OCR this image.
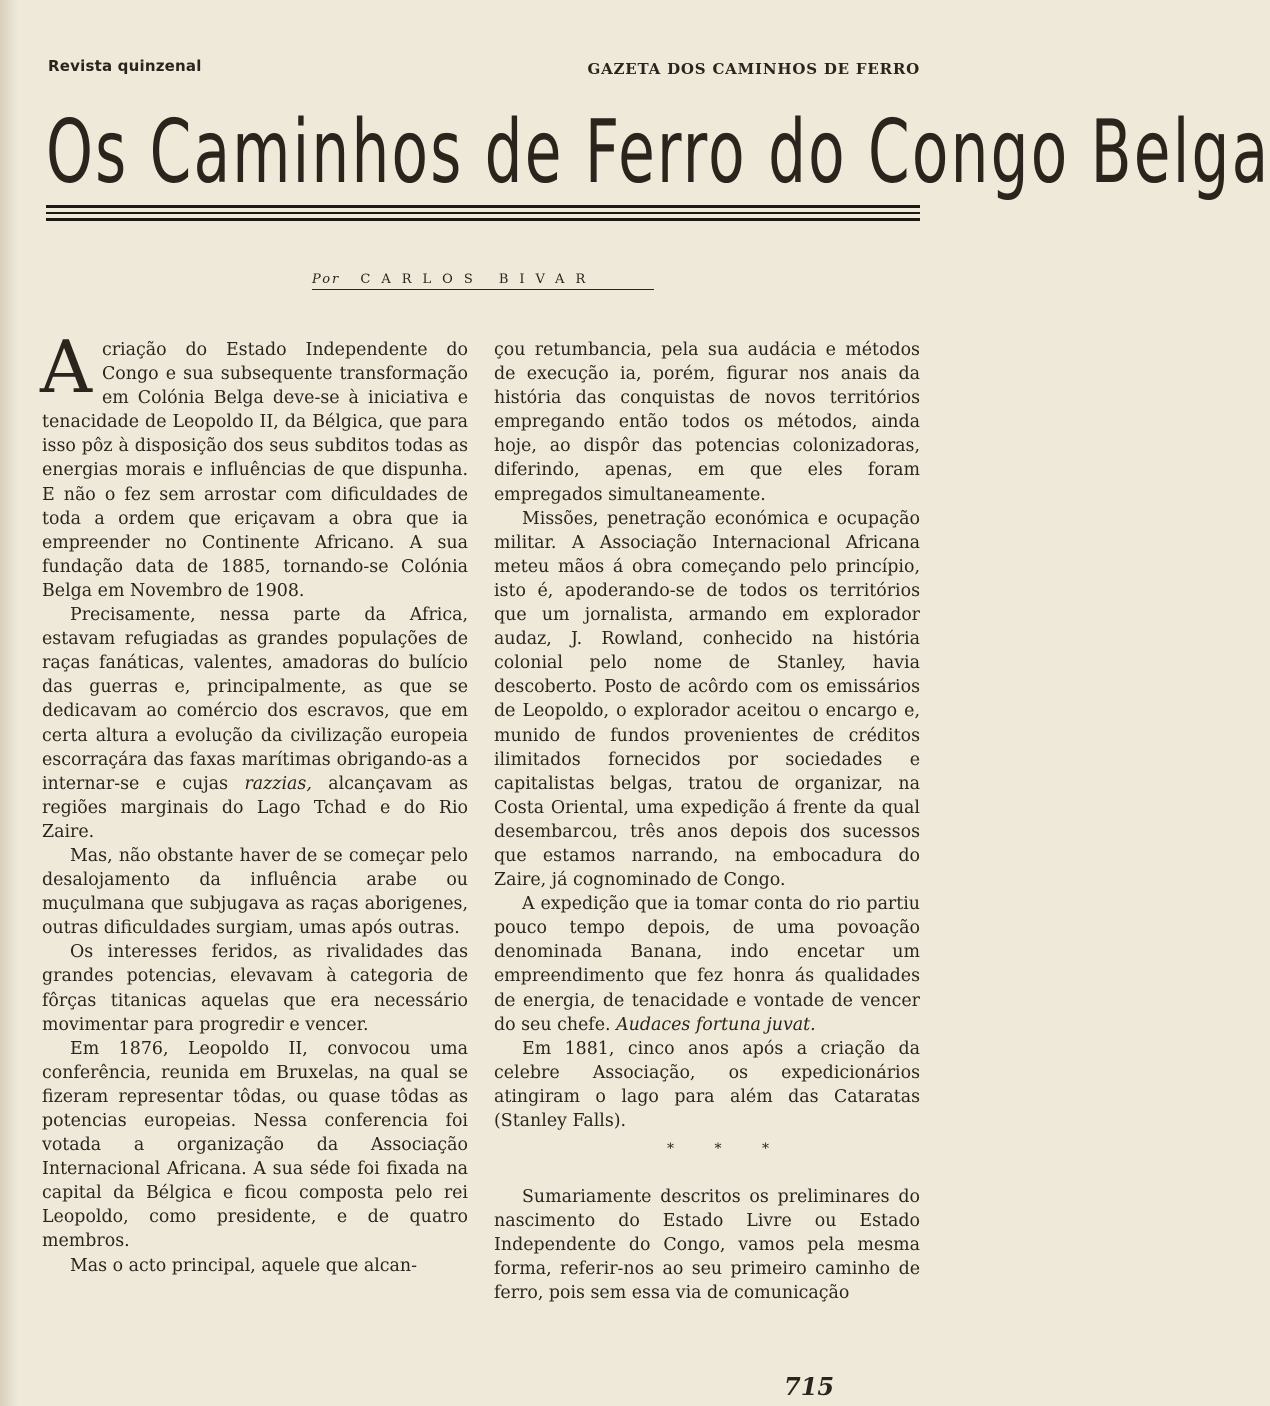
Revista quinzenal	GAZETA DOS CAMINHOS DE FERRO
Os Caminhos de Ferro do Congo Belga
Por CARLOS BIVAR

Acriação do Estado Independente do Congo e sua subsequente transformação em Colónia Belga deve-se à iniciativa e tenacidade de Leopoldo II, da Bélgica, que para isso pôz à disposição dos seus subditos todas as energias morais e influências de que dispunha. E não o fez sem arrostar com dificuldades de toda a ordem que eriçavam a obra que ia empreender no Continente Africano. A sua fundação data de 1885, tornando-se Colónia Belga em Novembro de 1908.

Precisamente, nessa parte da Africa, estavam refugiadas as grandes populações de raças fanáticas, valentes, amadoras do bulício das guerras e, principalmente, as que se dedicavam ao comércio dos escravos, que em certa altura a evolução da civilização europeia escorraçára das faxas marítimas obrigando-as a internar-se e cujas razzias, alcançavam as regiões marginais do Lago Tchad e do Rio Zaire.

Mas, não obstante haver de se começar pelo desalojamento da influência arabe ou muçulmana que subjugava as raças aborigenes, outras dificuldades surgiam, umas após outras.

Os interesses feridos, as rivalidades das grandes potencias, elevavam à categoria de fôrças titanicas aquelas que era necessário movimentar para progredir e vencer.

Em 1876, Leopoldo II, convocou uma conferência, reunida em Bruxelas, na qual se fizeram representar tôdas, ou quase tôdas as potencias europeias. Nessa conferencia foi votada a organização da Associação Internacional Africana. A sua séde foi fixada na capital da Bélgica e ficou composta pelo rei Leopoldo, como presidente, e de quatro membros.

Mas o acto principal, aquele que alcan-

çou retumbancia, pela sua audácia e métodos de execução ia, porém, figurar nos anais da história das conquistas de novos territórios empregando então todos os métodos, ainda hoje, ao dispôr das potencias colonizadoras, diferindo, apenas, em que eles foram empregados simultaneamente.

Missões, penetração económica e ocupação militar. A Associação Internacional Africana meteu mãos á obra começando pelo princípio, isto é, apoderando-se de todos os territórios que um jornalista, armando em explorador audaz, J. Rowland, conhecido na história colonial pelo nome de Stanley, havia descoberto. Posto de acôrdo com os emissários de Leopoldo, o explorador aceitou o encargo e, munido de fundos provenientes de créditos ilimitados fornecidos por sociedades e capitalistas belgas, tratou de organizar, na Costa Oriental, uma expedição á frente da qual desembarcou, três anos depois dos sucessos que estamos narrando, na embocadura do Zaire, já cognominado de Congo.

A expedição que ia tomar conta do rio partiu pouco tempo depois, de uma povoação denominada Banana, indo encetar um empreendimento que fez honra ás qualidades de energia, de tenacidade e vontade de vencer do seu chefe. Audaces fortuna juvat.

Em 1881, cinco anos após a criação da celebre Associação, os expedicionários atingiram o lago para além das Cataratas (Stanley Falls).

* * *

Sumariamente descritos os preliminares do nascimento do Estado Livre ou Estado Independente do Congo, vamos pela mesma forma, referir-nos ao seu primeiro caminho de ferro, pois sem essa via de comunicação

715
